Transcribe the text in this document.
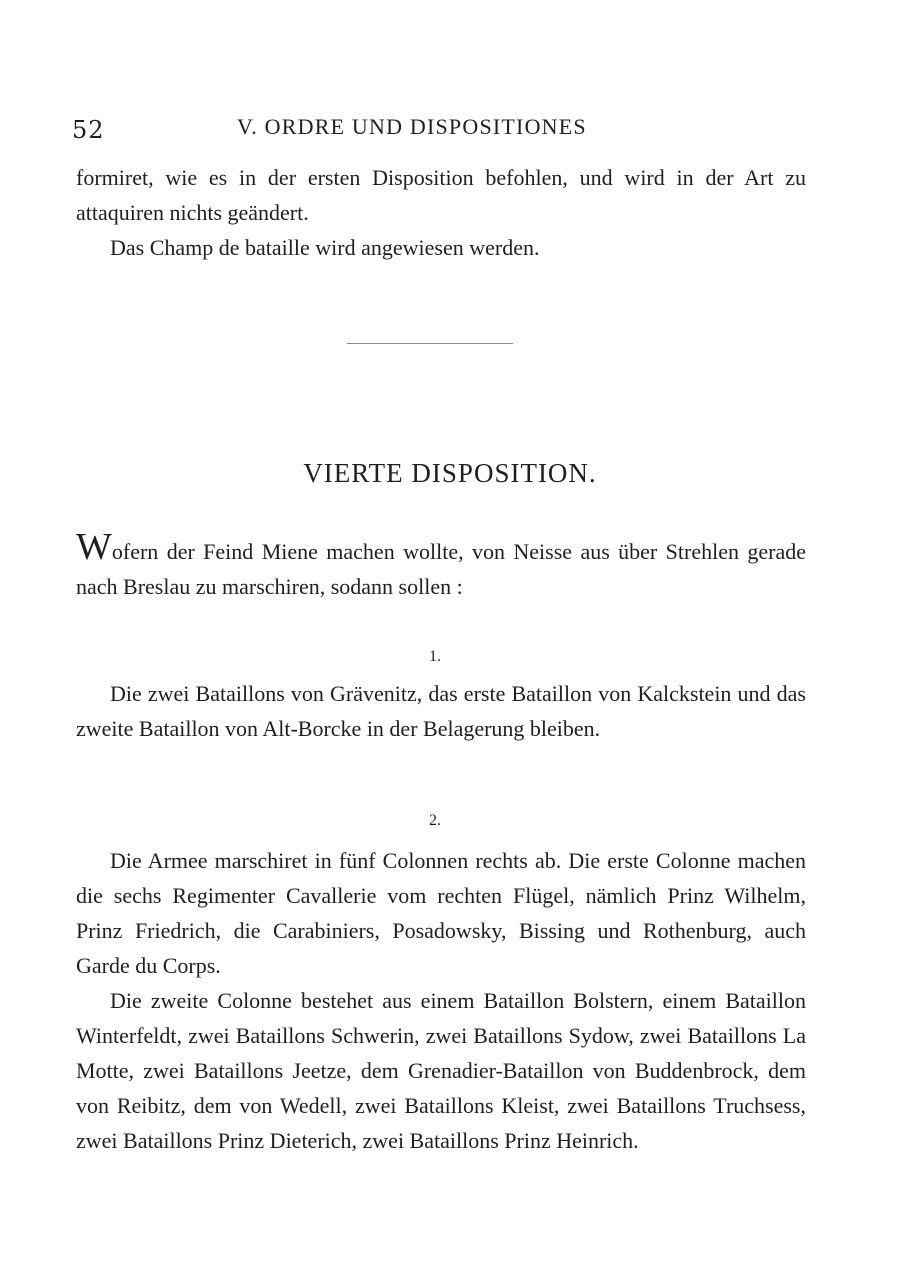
52	V. ORDRE UND DISPOSITIONES

formiret, wie es in der ersten Disposition befohlen, und wird in der Art zu attaquiren nichts geändert.

Das Champ de bataille wird angewiesen werden.

VIERTE DISPOSITION.

Wofern der Feind Miene machen wollte, von Neisse aus über Strehlen gerade nach Breslau zu marschiren, sodann sollen :

1.

Die zwei Bataillons von Grävenitz, das erste Bataillon von Kalckstein und das zweite Bataillon von Alt-Borcke in der Belagerung bleiben.

2.

Die Armee marschiret in fünf Colonnen rechts ab. Die erste Colonne machen die sechs Regimenter Cavallerie vom rechten Flügel, nämlich Prinz Wilhelm, Prinz Friedrich, die Carabiniers, Posadowsky, Bissing und Rothenburg, auch Garde du Corps.

Die zweite Colonne bestehet aus einem Bataillon Bolstern, einem Bataillon Winterfeldt, zwei Bataillons Schwerin, zwei Bataillons Sydow, zwei Bataillons La Motte, zwei Bataillons Jeetze, dem Grenadier-Bataillon von Buddenbrock, dem von Reibitz, dem von Wedell, zwei Bataillons Kleist, zwei Bataillons Truchsess, zwei Bataillons Prinz Dieterich, zwei Bataillons Prinz Heinrich.
